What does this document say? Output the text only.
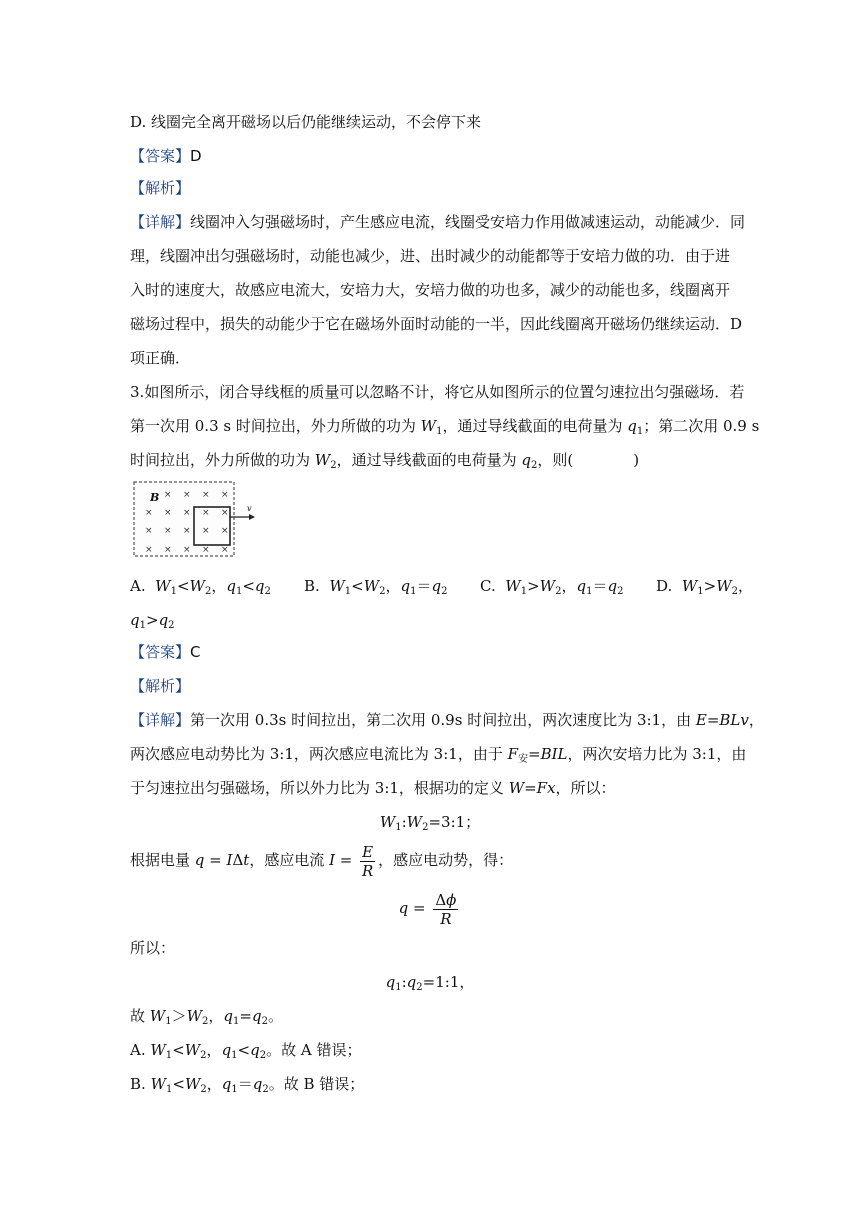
D. 线圈完全离开磁场以后仍能继续运动，不会停下来
【答案】D
【解析】
【详解】线圈冲入匀强磁场时，产生感应电流，线圈受安培力作用做减速运动，动能减少．同
理，线圈冲出匀强磁场时，动能也减少，进、出时减少的动能都等于安培力做的功．由于进
入时的速度大，故感应电流大，安培力大，安培力做的功也多，减少的动能也多，线圈离开
磁场过程中，损失的动能少于它在磁场外面时动能的一半，因此线圈离开磁场仍继续运动．D
项正确．
3.如图所示，闭合导线框的质量可以忽略不计，将它从如图所示的位置匀速拉出匀强磁场．若
第一次用 0.3 s 时间拉出，外力所做的功为 $W_1$，通过导线截面的电荷量为 $q_1$；第二次用 0.9 s
时间拉出，外力所做的功为 $W_2$，通过导线截面的电荷量为 $q_2$，则(　　　　)
B × × × ×
× × × × ×
× × × × ×
× × × × ×
v
A. $W_1<W_2$，$q_1<q_2$ B. $W_1<W_2$，$q_1=q_2$ C. $W_1>W_2$，$q_1=q_2$ D. $W_1>W_2$，
$q_1>q_2$
【答案】C
【解析】
【详解】第一次用 0.3s 时间拉出，第二次用 0.9s 时间拉出，两次速度比为 3:1，由 E=BLv，
两次感应电动势比为 3:1，两次感应电流比为 3:1，由于 $F_安=BIL$，两次安培力比为 3:1，由
于匀速拉出匀强磁场，所以外力比为 3:1，根据功的定义 W=Fx，所以：
$W_1:W_2=3:1$；
根据电量 q = IΔt，感应电流 $I = \frac{E}{R}$ ，感应电动势，得：
$q = \frac{\Delta\phi}{R}$
所以：
$q_1:q_2=1:1$，
故 $W_1>W_2$，$q_1=q_2$。
A. $W_1<W_2$，$q_1<q_2$。故 A 错误；
B. $W_1<W_2$，$q_1=q_2$。故 B 错误；
